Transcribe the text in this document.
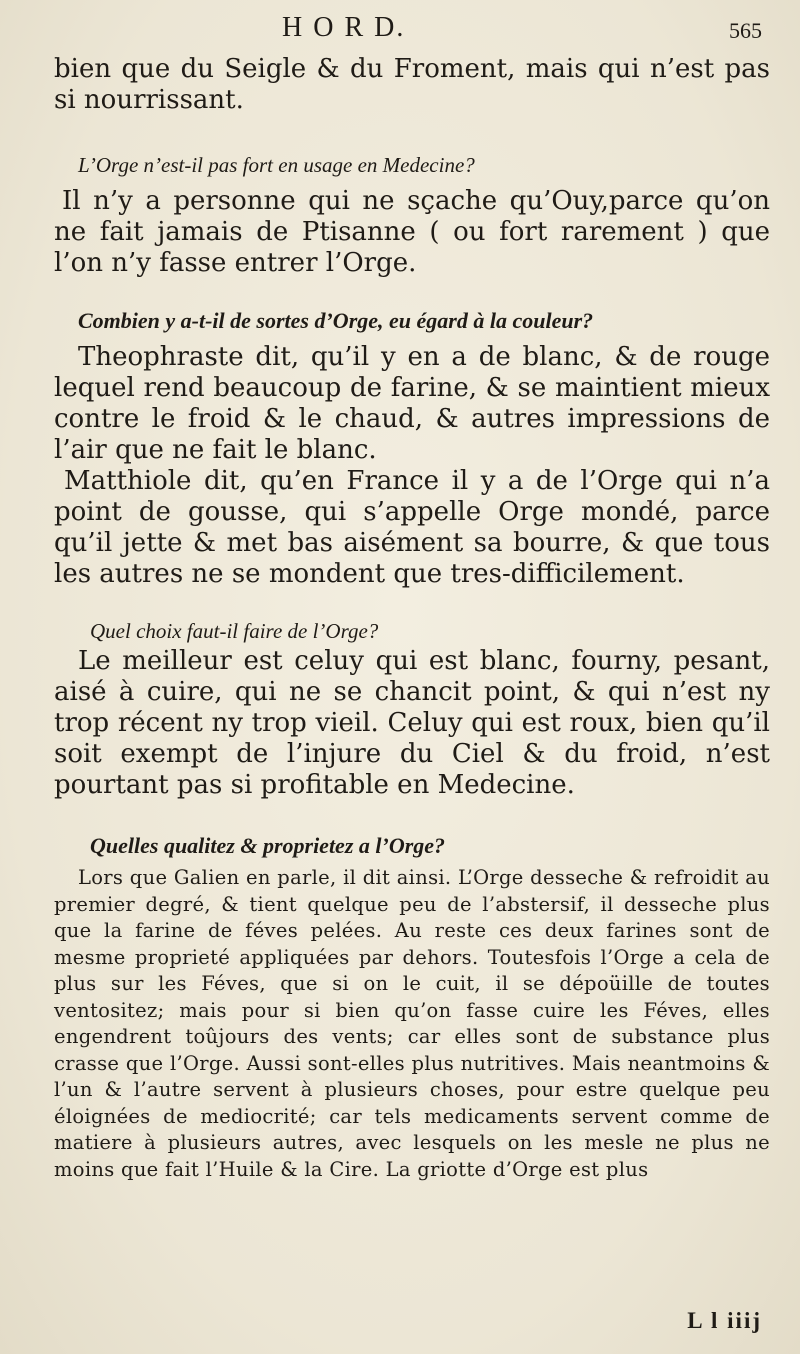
H O R D.	565

bien que du Seigle & du Froment, mais qui n’est pas si nourrissant.

L’Orge n’est-il pas fort en usage en Medecine?

Il n’y a personne qui ne sçache qu’Ouy,parce qu’on ne fait jamais de Ptisanne ( ou fort rarement ) que l’on n’y fasse entrer l’Orge.

Combien y a-t-il de sortes d’Orge, eu égard à la couleur?

Theophraste dit, qu’il y en a de blanc, & de rouge lequel rend beaucoup de farine, & se maintient mieux contre le froid & le chaud, & autres impressions de l’air que ne fait le blanc.

Matthiole dit, qu’en France il y a de l’Orge qui n’a point de gousse, qui s’appelle Orge mondé, parce qu’il jette & met bas aisément sa bourre, & que tous les autres ne se mondent que tres-difficilement.

Quel choix faut-il faire de l’Orge?

Le meilleur est celuy qui est blanc, fourny, pesant, aisé à cuire, qui ne se chancit point, & qui n’est ny trop récent ny trop vieil. Celuy qui est roux, bien qu’il soit exempt de l’injure du Ciel & du froid, n’est pourtant pas si profitable en Medecine.

Quelles qualitez & proprietez a l’Orge?

Lors que Galien en parle, il dit ainsi. L’Orge desseche & refroidit au premier degré, & tient quelque peu de l’abstersif, il desseche plus que la farine de féves pelées. Au reste ces deux farines sont de mesme proprieté appliquées par dehors. Toutesfois l’Orge a cela de plus sur les Féves, que si on le cuit, il se dépoüille de toutes ventositez; mais pour si bien qu’on fasse cuire les Féves, elles engendrent toûjours des vents; car elles sont de substance plus crasse que l’Orge. Aussi sont-elles plus nutritives. Mais neantmoins & l’un & l’autre servent à plusieurs choses, pour estre quelque peu éloignées de mediocrité; car tels medicaments servent comme de matiere à plusieurs autres, avec lesquels on les mesle ne plus ne moins que fait l’Huile & la Cire. La griotte d’Orge est plus

L l iiij
